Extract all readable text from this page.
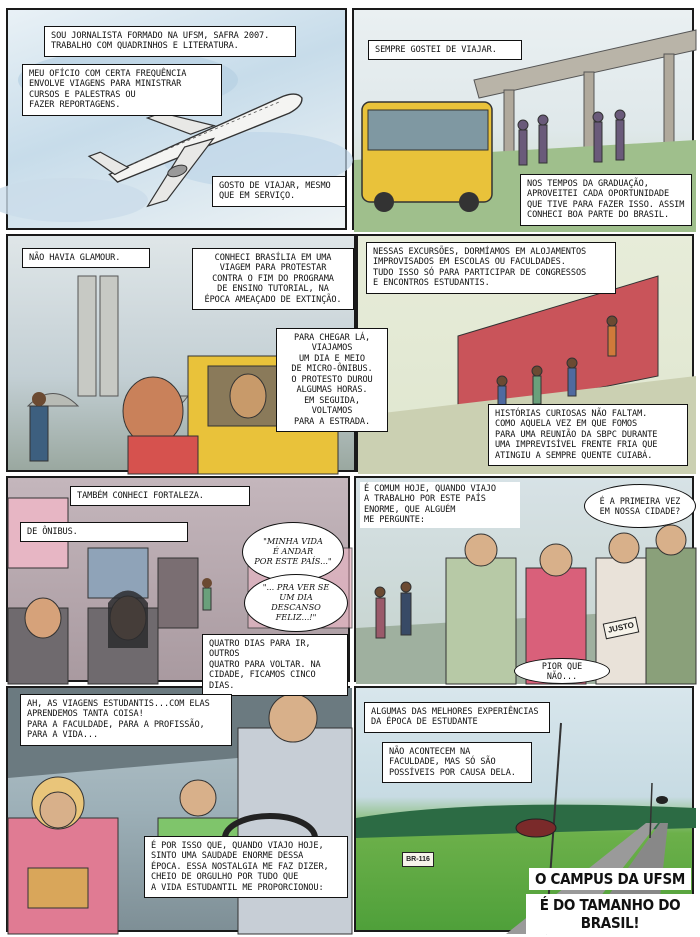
SOU JORNALISTA FORMADO NA UFSM, SAFRA 2007.
TRABALHO COM QUADRINHOS E LITERATURA.
MEU OFÍCIO COM CERTA FREQUÊNCIA
ENVOLVE VIAGENS PARA MINISTRAR
CURSOS E PALESTRAS OU
FAZER REPORTAGENS.
GOSTO DE VIAJAR, MESMO
QUE EM SERVIÇO.
SEMPRE GOSTEI DE VIAJAR.
NOS TEMPOS DA GRADUAÇÃO,
APROVEITEI CADA OPORTUNIDADE
QUE TIVE PARA FAZER ISSO. ASSIM
CONHECI BOA PARTE DO BRASIL.
NÃO HAVIA GLAMOUR.	CONHECI BRASÍLIA EM UMA
VIAGEM PARA PROTESTAR
CONTRA O FIM DO PROGRAMA
DE ENSINO TUTORIAL, NA
ÉPOCA AMEAÇADO DE EXTINÇÃO.
PARA CHEGAR LÁ,
VIAJAMOS
UM DIA E MEIO
DE MICRO-ÔNIBUS.
O PROTESTO DUROU
ALGUMAS HORAS.
EM SEGUIDA,
VOLTAMOS
PARA A ESTRADA.
NESSAS EXCURSÕES, DORMÍAMOS EM ALOJAMENTOS
IMPROVISADOS EM ESCOLAS OU FACULDADES.
TUDO ISSO SÓ PARA PARTICIPAR DE CONGRESSOS
E ENCONTROS ESTUDANTIS.
HISTÓRIAS CURIOSAS NÃO FALTAM.
COMO AQUELA VEZ EM QUE FOMOS
PARA UMA REUNIÃO DA SBPC DURANTE
UMA IMPREVISÍVEL FRENTE FRIA QUE
ATINGIU A SEMPRE QUENTE CUIABÁ.
TAMBÉM CONHECI FORTALEZA.
DE ÔNIBUS.
"MINHA VIDA
É ANDAR
POR ESTE PAÍS..."
"... PRA VER SE
UM DIA DESCANSO
FELIZ...!"
QUATRO DIAS PARA IR, OUTROS
QUATRO PARA VOLTAR. NA
CIDADE, FICAMOS CINCO DIAS.
JUSTO
É COMUM HOJE, QUANDO VIAJO
A TRABALHO POR ESTE PAÍS
ENORME, QUE ALGUÉM
ME PERGUNTE:
É A PRIMEIRA VEZ
EM NOSSA CIDADE?
PIOR QUE NÃO...
AH, AS VIAGENS ESTUDANTIS...COM ELAS
APRENDEMOS TANTA COISA!
PARA A FACULDADE, PARA A PROFISSÃO,
PARA A VIDA...
É POR ISSO QUE, QUANDO VIAJO HOJE,
SINTO UMA SAUDADE ENORME DESSA
ÉPOCA. ESSA NOSTALGIA ME FAZ DIZER,
CHEIO DE ORGULHO POR TUDO QUE
A VIDA ESTUDANTIL ME PROPORCIONOU:
BR-116
ALGUMAS DAS MELHORES EXPERIÊNCIAS
DA ÉPOCA DE ESTUDANTE
NÃO ACONTECEM NA
FACULDADE, MAS SÓ SÃO
POSSÍVEIS POR CAUSA DELA.
O CAMPUS DA UFSM
É DO TAMANHO DO BRASIL!
